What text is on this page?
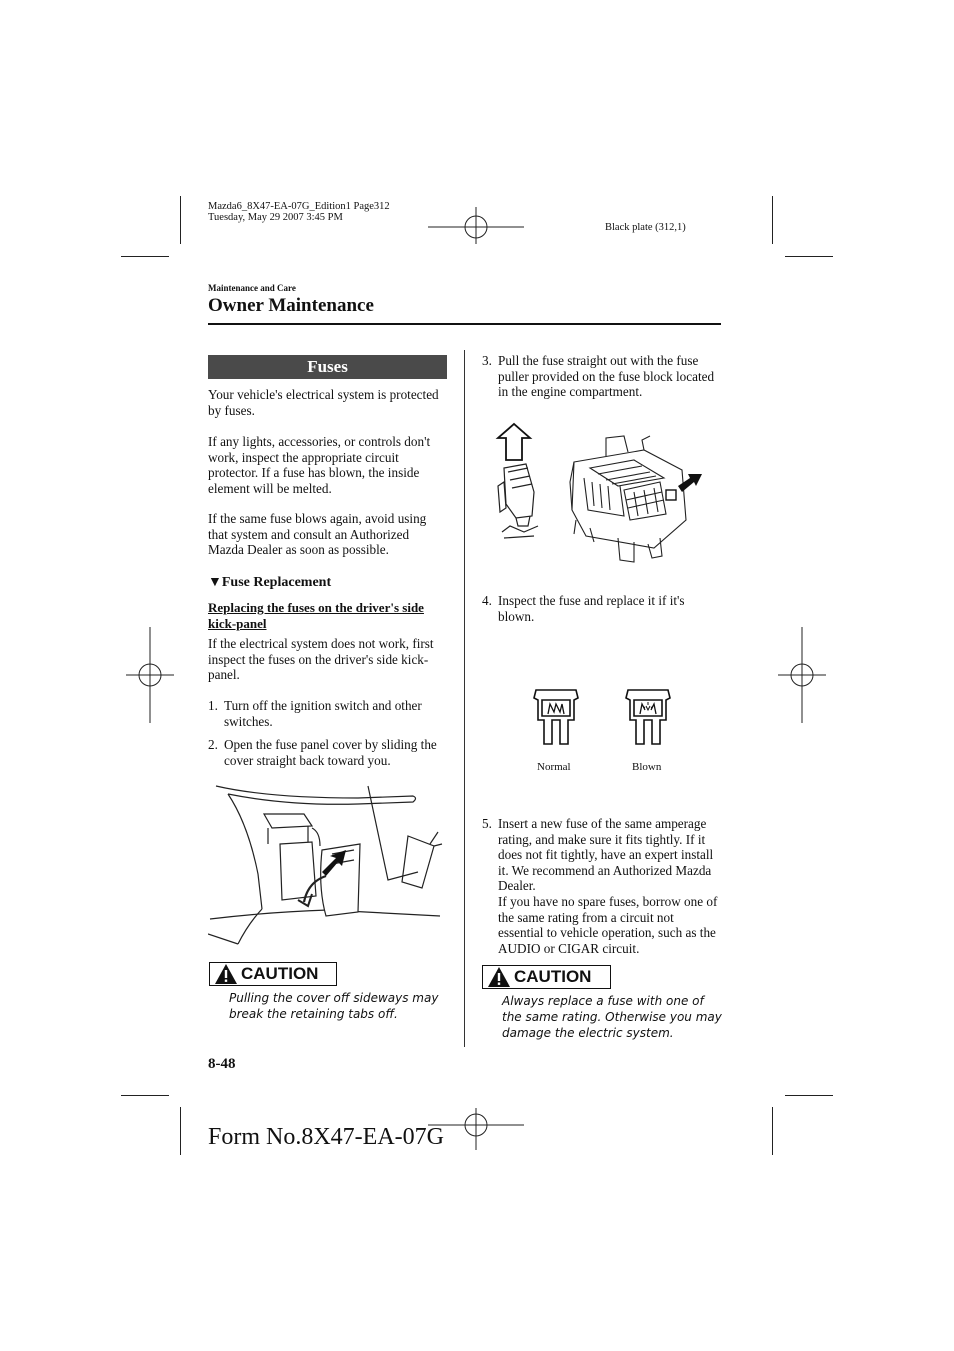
Mazda6_8X47-EA-07G_Edition1 Page312
Tuesday, May 29 2007 3:45 PM
Black plate (312,1)
Maintenance and Care
Owner Maintenance
Fuses
Your vehicle's electrical system is protected by fuses.
If any lights, accessories, or controls don't work, inspect the appropriate circuit protector. If a fuse has blown, the inside element will be melted.
If the same fuse blows again, avoid using that system and consult an Authorized Mazda Dealer as soon as possible.
▼Fuse Replacement
Replacing the fuses on the driver's side kick-panel
If the electrical system does not work, first inspect the fuses on the driver's side kick-panel.
1. Turn off the ignition switch and other switches.
2. Open the fuse panel cover by sliding the cover straight back toward you.
CAUTION
Pulling the cover off sideways may break the retaining tabs off.
3. Pull the fuse straight out with the fuse puller provided on the fuse block located in the engine compartment.
4. Inspect the fuse and replace it if it's blown.
Normal	Blown
5. Insert a new fuse of the same amperage rating, and make sure it fits tightly. If it does not fit tightly, have an expert install it. We recommend an Authorized Mazda Dealer.
If you have no spare fuses, borrow one of the same rating from a circuit not essential to vehicle operation, such as the AUDIO or CIGAR circuit.
CAUTION
Always replace a fuse with one of the same rating. Otherwise you may damage the electric system.
8-48
Form No.8X47-EA-07G
